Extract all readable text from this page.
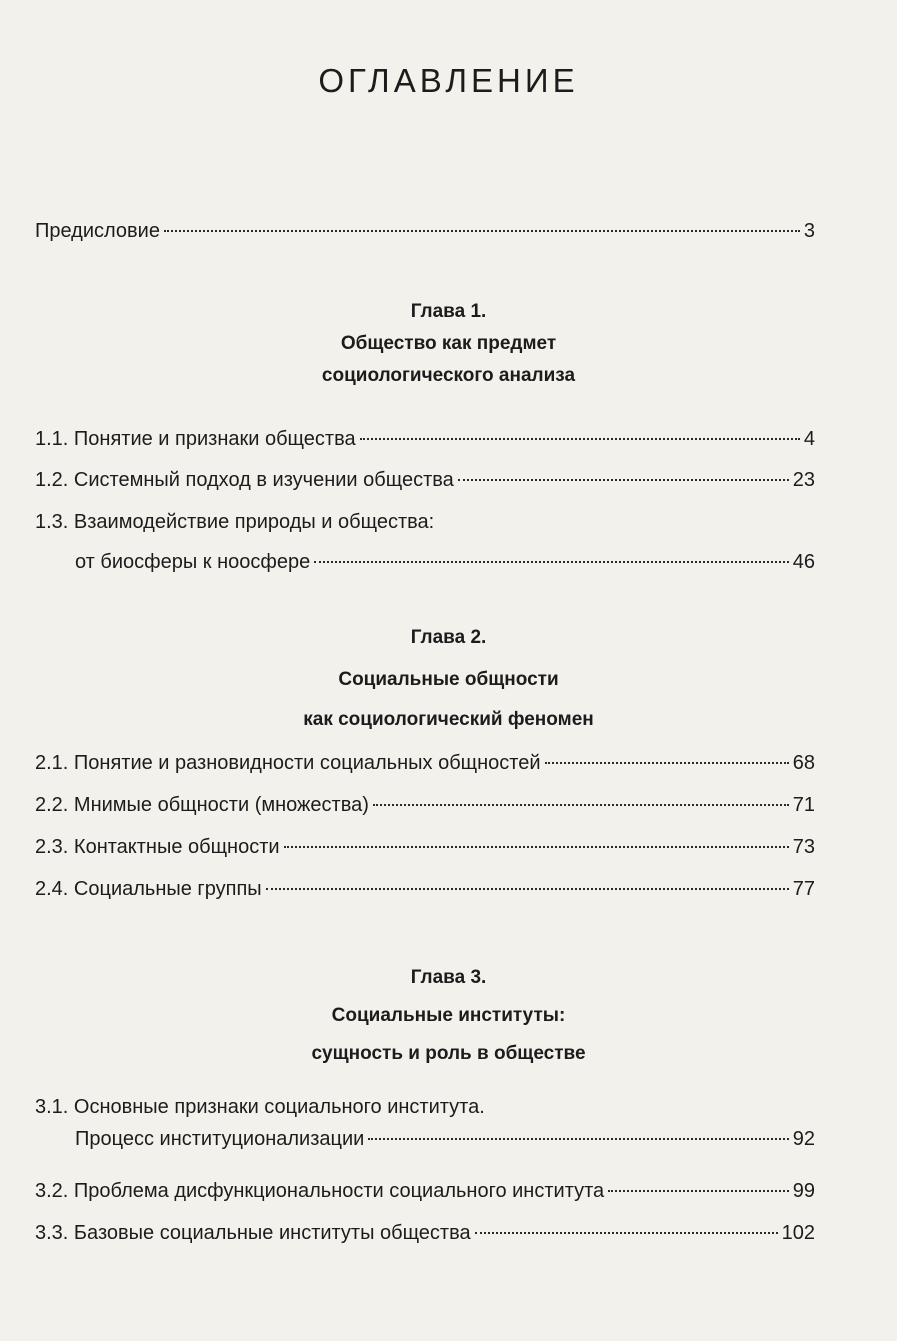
ОГЛАВЛЕНИЕ
Предисловие	3
Глава 1.
Общество как предмет
социологического анализа
1.1. Понятие и признаки общества	4
1.2. Системный подход в изучении общества	23
1.3. Взаимодействие природы и общества:
от биосферы к ноосфере	46
Глава 2.
Социальные общности
как социологический феномен
2.1. Понятие и разновидности социальных общностей	68
2.2. Мнимые общности (множества)	71
2.3. Контактные общности	73
2.4. Социальные группы	77
Глава 3.
Социальные институты:
сущность и роль в обществе
3.1. Основные признаки социального института.
Процесс институционализации	92
3.2. Проблема дисфункциональности социального института	99
3.3. Базовые социальные институты общества	102
